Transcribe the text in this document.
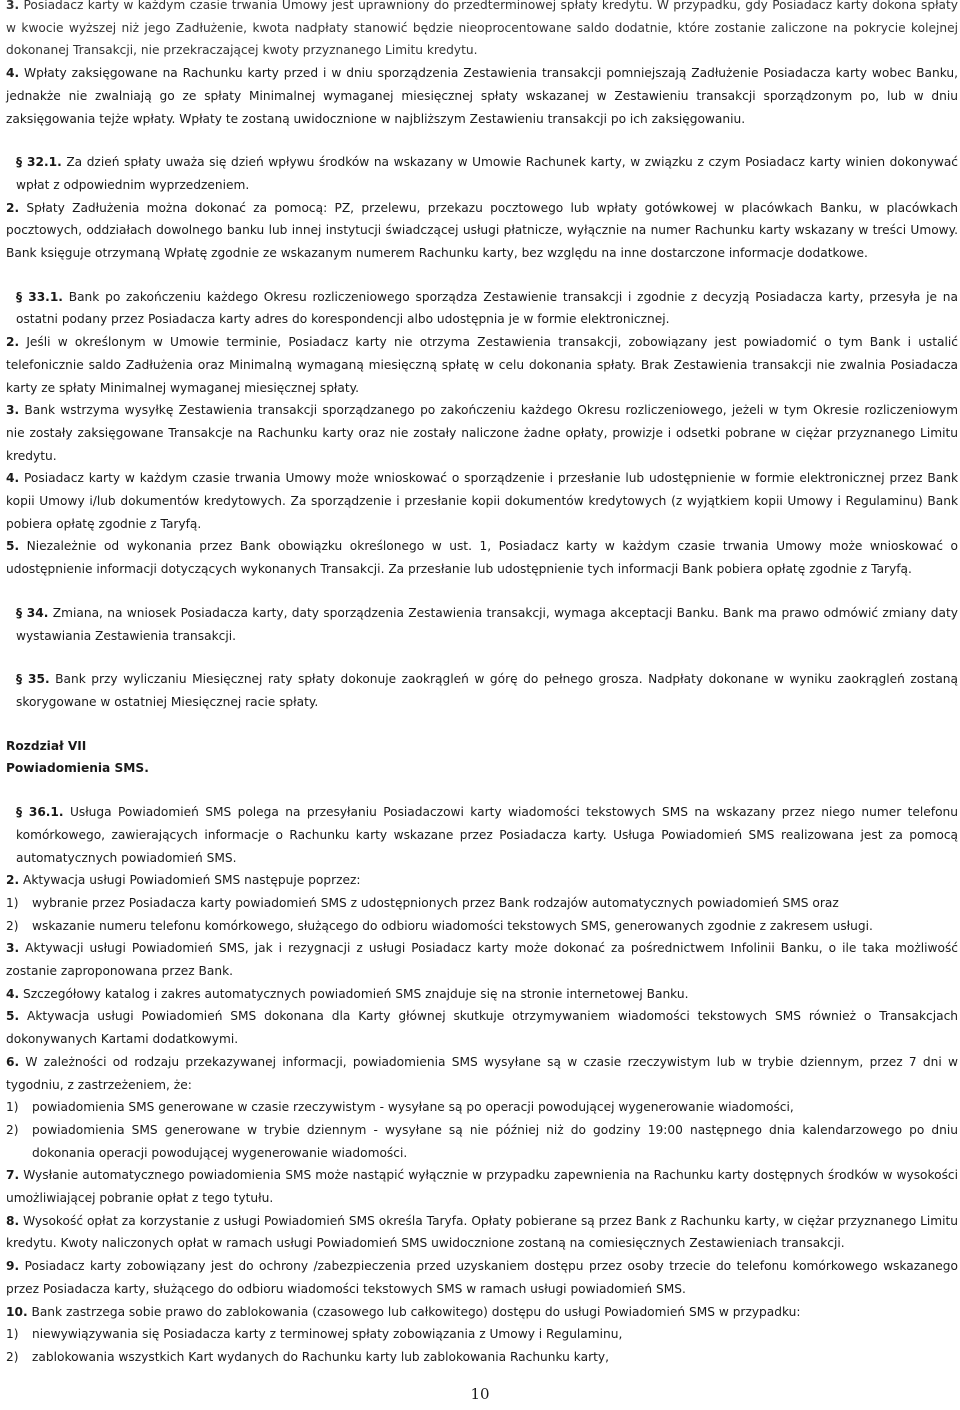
3. Posiadacz karty w każdym czasie trwania Umowy jest uprawniony do przedterminowej spłaty kredytu. W przypadku, gdy Posiadacz karty dokona spłaty w kwocie wyższej niż jego Zadłużenie, kwota nadpłaty stanowić będzie nieoprocentowane saldo dodatnie, które zostanie zaliczone na pokrycie kolejnej dokonanej Transakcji, nie przekraczającej kwoty przyznanego Limitu kredytu.

4. Wpłaty zaksięgowane na Rachunku karty przed i w dniu sporządzenia Zestawienia transakcji pomniejszają Zadłużenie Posiadacza karty wobec Banku, jednakże nie zwalniają go ze spłaty Minimalnej wymaganej miesięcznej spłaty wskazanej w Zestawieniu transakcji sporządzonym po, lub w dniu zaksięgowania tejże wpłaty. Wpłaty te zostaną uwidocznione w najbliższym Zestawieniu transakcji po ich zaksięgowaniu.

§ 32.1. Za dzień spłaty uważa się dzień wpływu środków na wskazany w Umowie Rachunek karty, w związku z czym Posiadacz karty winien dokonywać wpłat z odpowiednim wyprzedzeniem.

2. Spłaty Zadłużenia można dokonać za pomocą: PZ, przelewu, przekazu pocztowego lub wpłaty gotówkowej w placówkach Banku, w placówkach pocztowych, oddziałach dowolnego banku lub innej instytucji świadczącej usługi płatnicze, wyłącznie na numer Rachunku karty wskazany w treści Umowy. Bank księguje otrzymaną Wpłatę zgodnie ze wskazanym numerem Rachunku karty, bez względu na inne dostarczone informacje dodatkowe.

§ 33.1. Bank po zakończeniu każdego Okresu rozliczeniowego sporządza Zestawienie transakcji i zgodnie z decyzją Posiadacza karty, przesyła je na ostatni podany przez Posiadacza karty adres do korespondencji albo udostępnia je w formie elektronicznej.

2. Jeśli w określonym w Umowie terminie, Posiadacz karty nie otrzyma Zestawienia transakcji, zobowiązany jest powiadomić o tym Bank i ustalić telefonicznie saldo Zadłużenia oraz Minimalną wymaganą miesięczną spłatę w celu dokonania spłaty. Brak Zestawienia transakcji nie zwalnia Posiadacza karty ze spłaty Minimalnej wymaganej miesięcznej spłaty.

3. Bank wstrzyma wysyłkę Zestawienia transakcji sporządzanego po zakończeniu każdego Okresu rozliczeniowego, jeżeli w tym Okresie rozliczeniowym nie zostały zaksięgowane Transakcje na Rachunku karty oraz nie zostały naliczone żadne opłaty, prowizje i odsetki pobrane w ciężar przyznanego Limitu kredytu.

4. Posiadacz karty w każdym czasie trwania Umowy może wnioskować o sporządzenie i przesłanie lub udostępnienie w formie elektronicznej przez Bank kopii Umowy i/lub dokumentów kredytowych. Za sporządzenie i przesłanie kopii dokumentów kredytowych (z wyjątkiem kopii Umowy i Regulaminu) Bank pobiera opłatę zgodnie z Taryfą.

5. Niezależnie od wykonania przez Bank obowiązku określonego w ust. 1, Posiadacz karty w każdym czasie trwania Umowy może wnioskować o udostępnienie informacji dotyczących wykonanych Transakcji. Za przesłanie lub udostępnienie tych informacji Bank pobiera opłatę zgodnie z Taryfą.

§ 34. Zmiana, na wniosek Posiadacza karty, daty sporządzenia Zestawienia transakcji, wymaga akceptacji Banku. Bank ma prawo odmówić zmiany daty wystawiania Zestawienia transakcji.

§ 35. Bank przy wyliczaniu Miesięcznej raty spłaty dokonuje zaokrągleń w górę do pełnego grosza. Nadpłaty dokonane w wyniku zaokrągleń zostaną skorygowane w ostatniej Miesięcznej racie spłaty.

Rozdział VII

Powiadomienia SMS.

§ 36.1. Usługa Powiadomień SMS polega na przesyłaniu Posiadaczowi karty wiadomości tekstowych SMS na wskazany przez niego numer telefonu komórkowego, zawierających informacje o Rachunku karty wskazane przez Posiadacza karty. Usługa Powiadomień SMS realizowana jest za pomocą automatycznych powiadomień SMS.

2. Aktywacja usługi Powiadomień SMS następuje poprzez:

1)	wybranie przez Posiadacza karty powiadomień SMS z udostępnionych przez Bank rodzajów automatycznych powiadomień SMS oraz
2)	wskazanie numeru telefonu komórkowego, służącego do odbioru wiadomości tekstowych SMS, generowanych zgodnie z zakresem usługi.

3. Aktywacji usługi Powiadomień SMS, jak i rezygnacji z usługi Posiadacz karty może dokonać za pośrednictwem Infolinii Banku, o ile taka możliwość zostanie zaproponowana przez Bank.

4. Szczegółowy katalog i zakres automatycznych powiadomień SMS znajduje się na stronie internetowej Banku.

5. Aktywacja usługi Powiadomień SMS dokonana dla Karty głównej skutkuje otrzymywaniem wiadomości tekstowych SMS również o Transakcjach dokonywanych Kartami dodatkowymi.

6. W zależności od rodzaju przekazywanej informacji, powiadomienia SMS wysyłane są w czasie rzeczywistym lub w trybie dziennym, przez 7 dni w tygodniu, z zastrzeżeniem, że:

1)	powiadomienia SMS generowane w czasie rzeczywistym - wysyłane są po operacji powodującej wygenerowanie wiadomości,
2)	powiadomienia SMS generowane w trybie dziennym - wysyłane są nie później niż do godziny 19:00 następnego dnia kalendarzowego po dniu dokonania operacji powodującej wygenerowanie wiadomości.

7. Wysłanie automatycznego powiadomienia SMS może nastąpić wyłącznie w przypadku zapewnienia na Rachunku karty dostępnych środków w wysokości umożliwiającej pobranie opłat z tego tytułu.

8. Wysokość opłat za korzystanie z usługi Powiadomień SMS określa Taryfa. Opłaty pobierane są przez Bank z Rachunku karty, w ciężar przyznanego Limitu kredytu. Kwoty naliczonych opłat w ramach usługi Powiadomień SMS uwidocznione zostaną na comiesięcznych Zestawieniach transakcji.

9. Posiadacz karty zobowiązany jest do ochrony /zabezpieczenia przed uzyskaniem dostępu przez osoby trzecie do telefonu komórkowego wskazanego przez Posiadacza karty, służącego do odbioru wiadomości tekstowych SMS w ramach usługi powiadomień SMS.

10. Bank zastrzega sobie prawo do zablokowania (czasowego lub całkowitego) dostępu do usługi Powiadomień SMS w przypadku:

1)	niewywiązywania się Posiadacza karty z terminowej spłaty zobowiązania z Umowy i Regulaminu,
2)	zablokowania wszystkich Kart wydanych do Rachunku karty lub zablokowania Rachunku karty,
10
